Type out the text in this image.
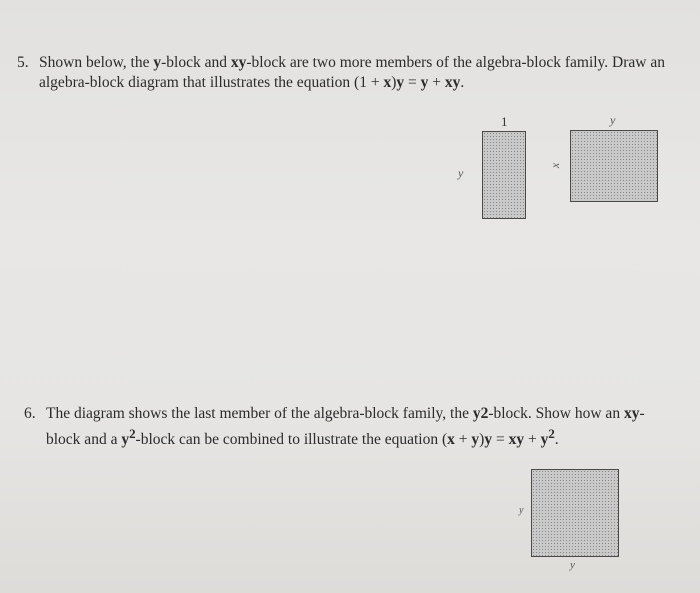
5. Shown below, the y-block and xy-block are two more members of the algebra-block family. Draw an algebra-block diagram that illustrates the equation (1 + x)y = y + xy.
1
y
y
x
6. The diagram shows the last member of the algebra-block family, the y2-block. Show how an xy-block and a $y^2$-block can be combined to illustrate the equation (x + y)y = xy + $y^2$.
y
y
